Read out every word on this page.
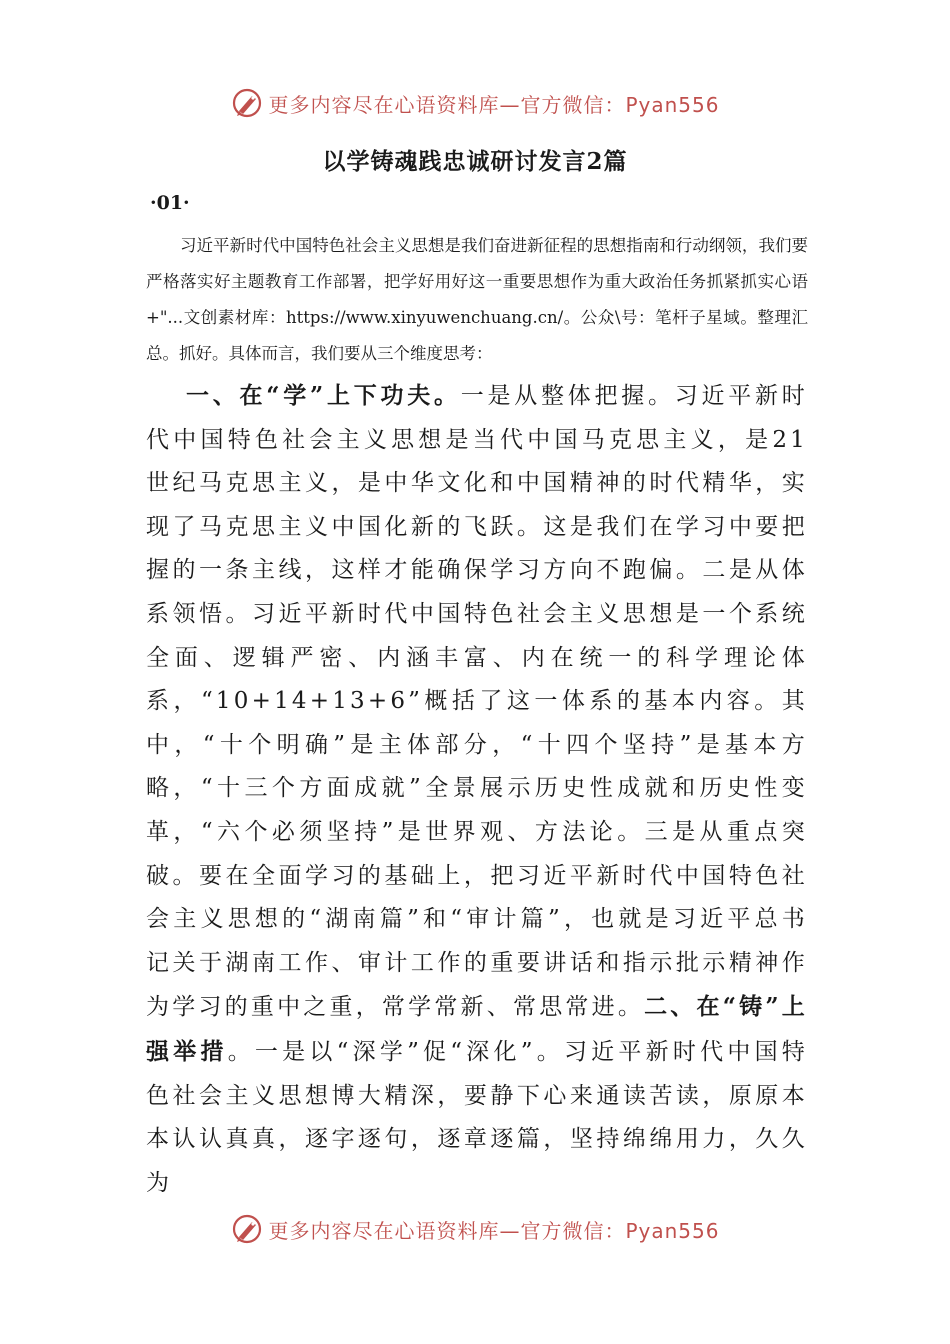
更多内容尽在心语资料库—官方微信：Pyan556
以学铸魂践忠诚研讨发言2篇
·01·

习近平新时代中国特色社会主义思想是我们奋进新征程的思想指南和行动纲领，我们要严格落实好主题教育工作部署，把学好用好这一重要思想作为重大政治任务抓紧抓实心语+"...文创素材库：https://www.xinyuwenchuang.cn/。公众\号：笔杆子星域。整理汇总。抓好。具体而言，我们要从三个维度思考：

一、在“学”上下功夫。一是从整体把握。习近平新时代中国特色社会主义思想是当代中国马克思主义，是21世纪马克思主义，是中华文化和中国精神的时代精华，实现了马克思主义中国化新的飞跃。这是我们在学习中要把握的一条主线，这样才能确保学习方向不跑偏。二是从体系领悟。习近平新时代中国特色社会主义思想是一个系统全面、逻辑严密、内涵丰富、内在统一的科学理论体系，“10+14+13+6”概括了这一体系的基本内容。其中，“十个明确”是主体部分，“十四个坚持”是基本方略，“十三个方面成就”全景展示历史性成就和历史性变革，“六个必须坚持”是世界观、方法论。三是从重点突破。要在全面学习的基础上，把习近平新时代中国特色社会主义思想的“湖南篇”和“审计篇”，也就是习近平总书记关于湖南工作、审计工作的重要讲话和指示批示精神作为学习的重中之重，常学常新、常思常进。二、在“铸”上强举措。一是以“深学”促“深化”。习近平新时代中国特色社会主义思想博大精深，要静下心来通读苦读，原原本本认认真真，逐字逐句，逐章逐篇，坚持绵绵用力，久久为

更多内容尽在心语资料库—官方微信：Pyan556
